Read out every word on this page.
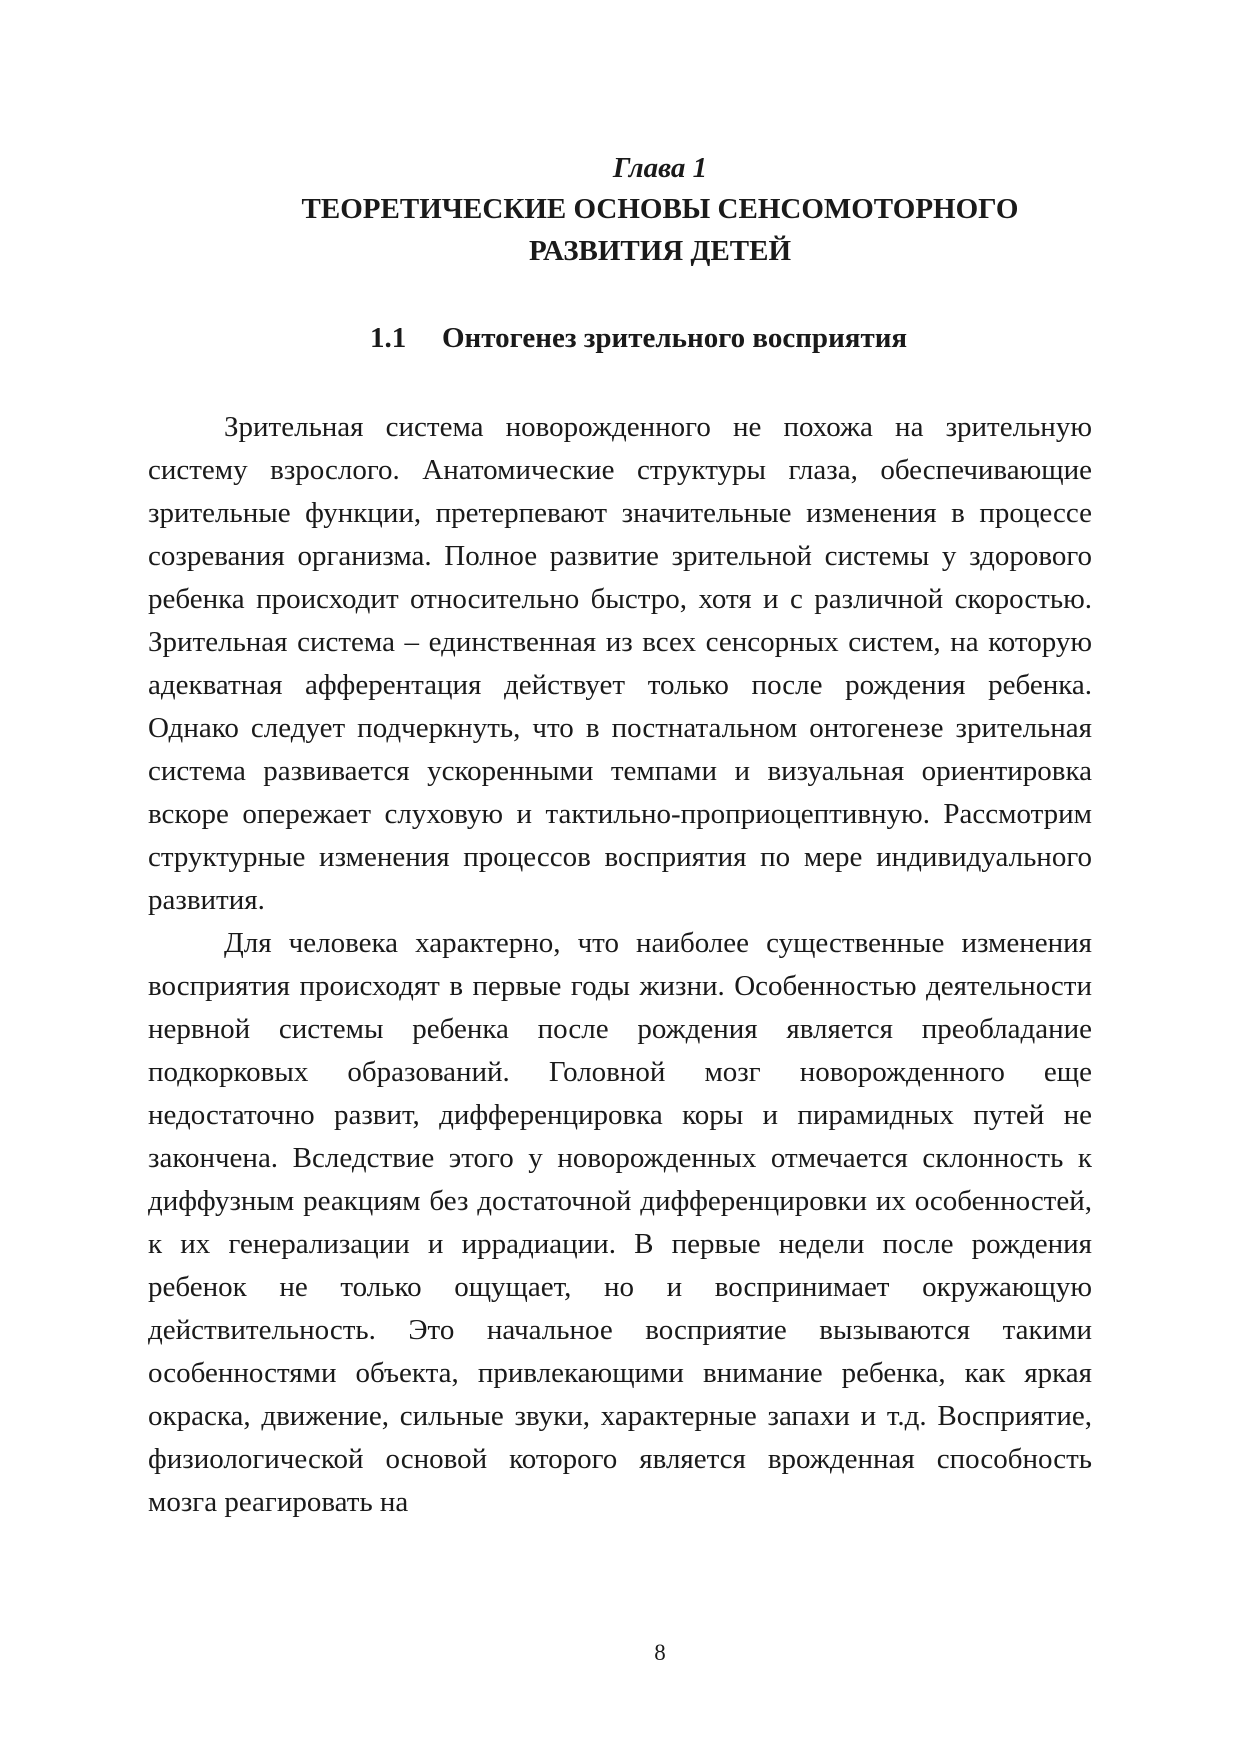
Глава 1
ТЕОРЕТИЧЕСКИЕ ОСНОВЫ СЕНСОМОТОРНОГО
РАЗВИТИЯ ДЕТЕЙ
1.1 Онтогенез зрительного восприятия

Зрительная система новорожденного не похожа на зрительную систему взрослого. Анатомические структуры глаза, обеспечивающие зрительные функции, претерпевают значительные изменения в процессе созревания организма. Полное развитие зрительной системы у здорового ребенка происходит относительно быстро, хотя и с различной скоростью. Зрительная система – единственная из всех сенсорных систем, на которую адекватная афферентация действует только после рождения ребенка. Однако следует подчеркнуть, что в постнатальном онтогенезе зрительная система развивается ускоренными темпами и визуальная ориентировка вскоре опережает слуховую и тактильно-проприоцептивную. Рассмотрим структурные изменения процессов восприятия по мере индивидуального развития.

Для человека характерно, что наиболее существенные изменения восприятия происходят в первые годы жизни. Особенностью деятельности нервной системы ребенка после рождения является преобладание подкорковых образований. Головной мозг новорожденного еще недостаточно развит, дифференцировка коры и пирамидных путей не закончена. Вследствие этого у новорожденных отмечается склонность к диффузным реакциям без достаточной дифференцировки их особенностей, к их генерализации и иррадиации. В первые недели после рождения ребенок не только ощущает, но и воспринимает окружающую действительность. Это начальное восприятие вызываются такими особенностями объекта, привлекающими внимание ребенка, как яркая окраска, движение, сильные звуки, характерные запахи и т.д. Восприятие, физиологической основой которого является врожденная способность мозга реагировать на

8
